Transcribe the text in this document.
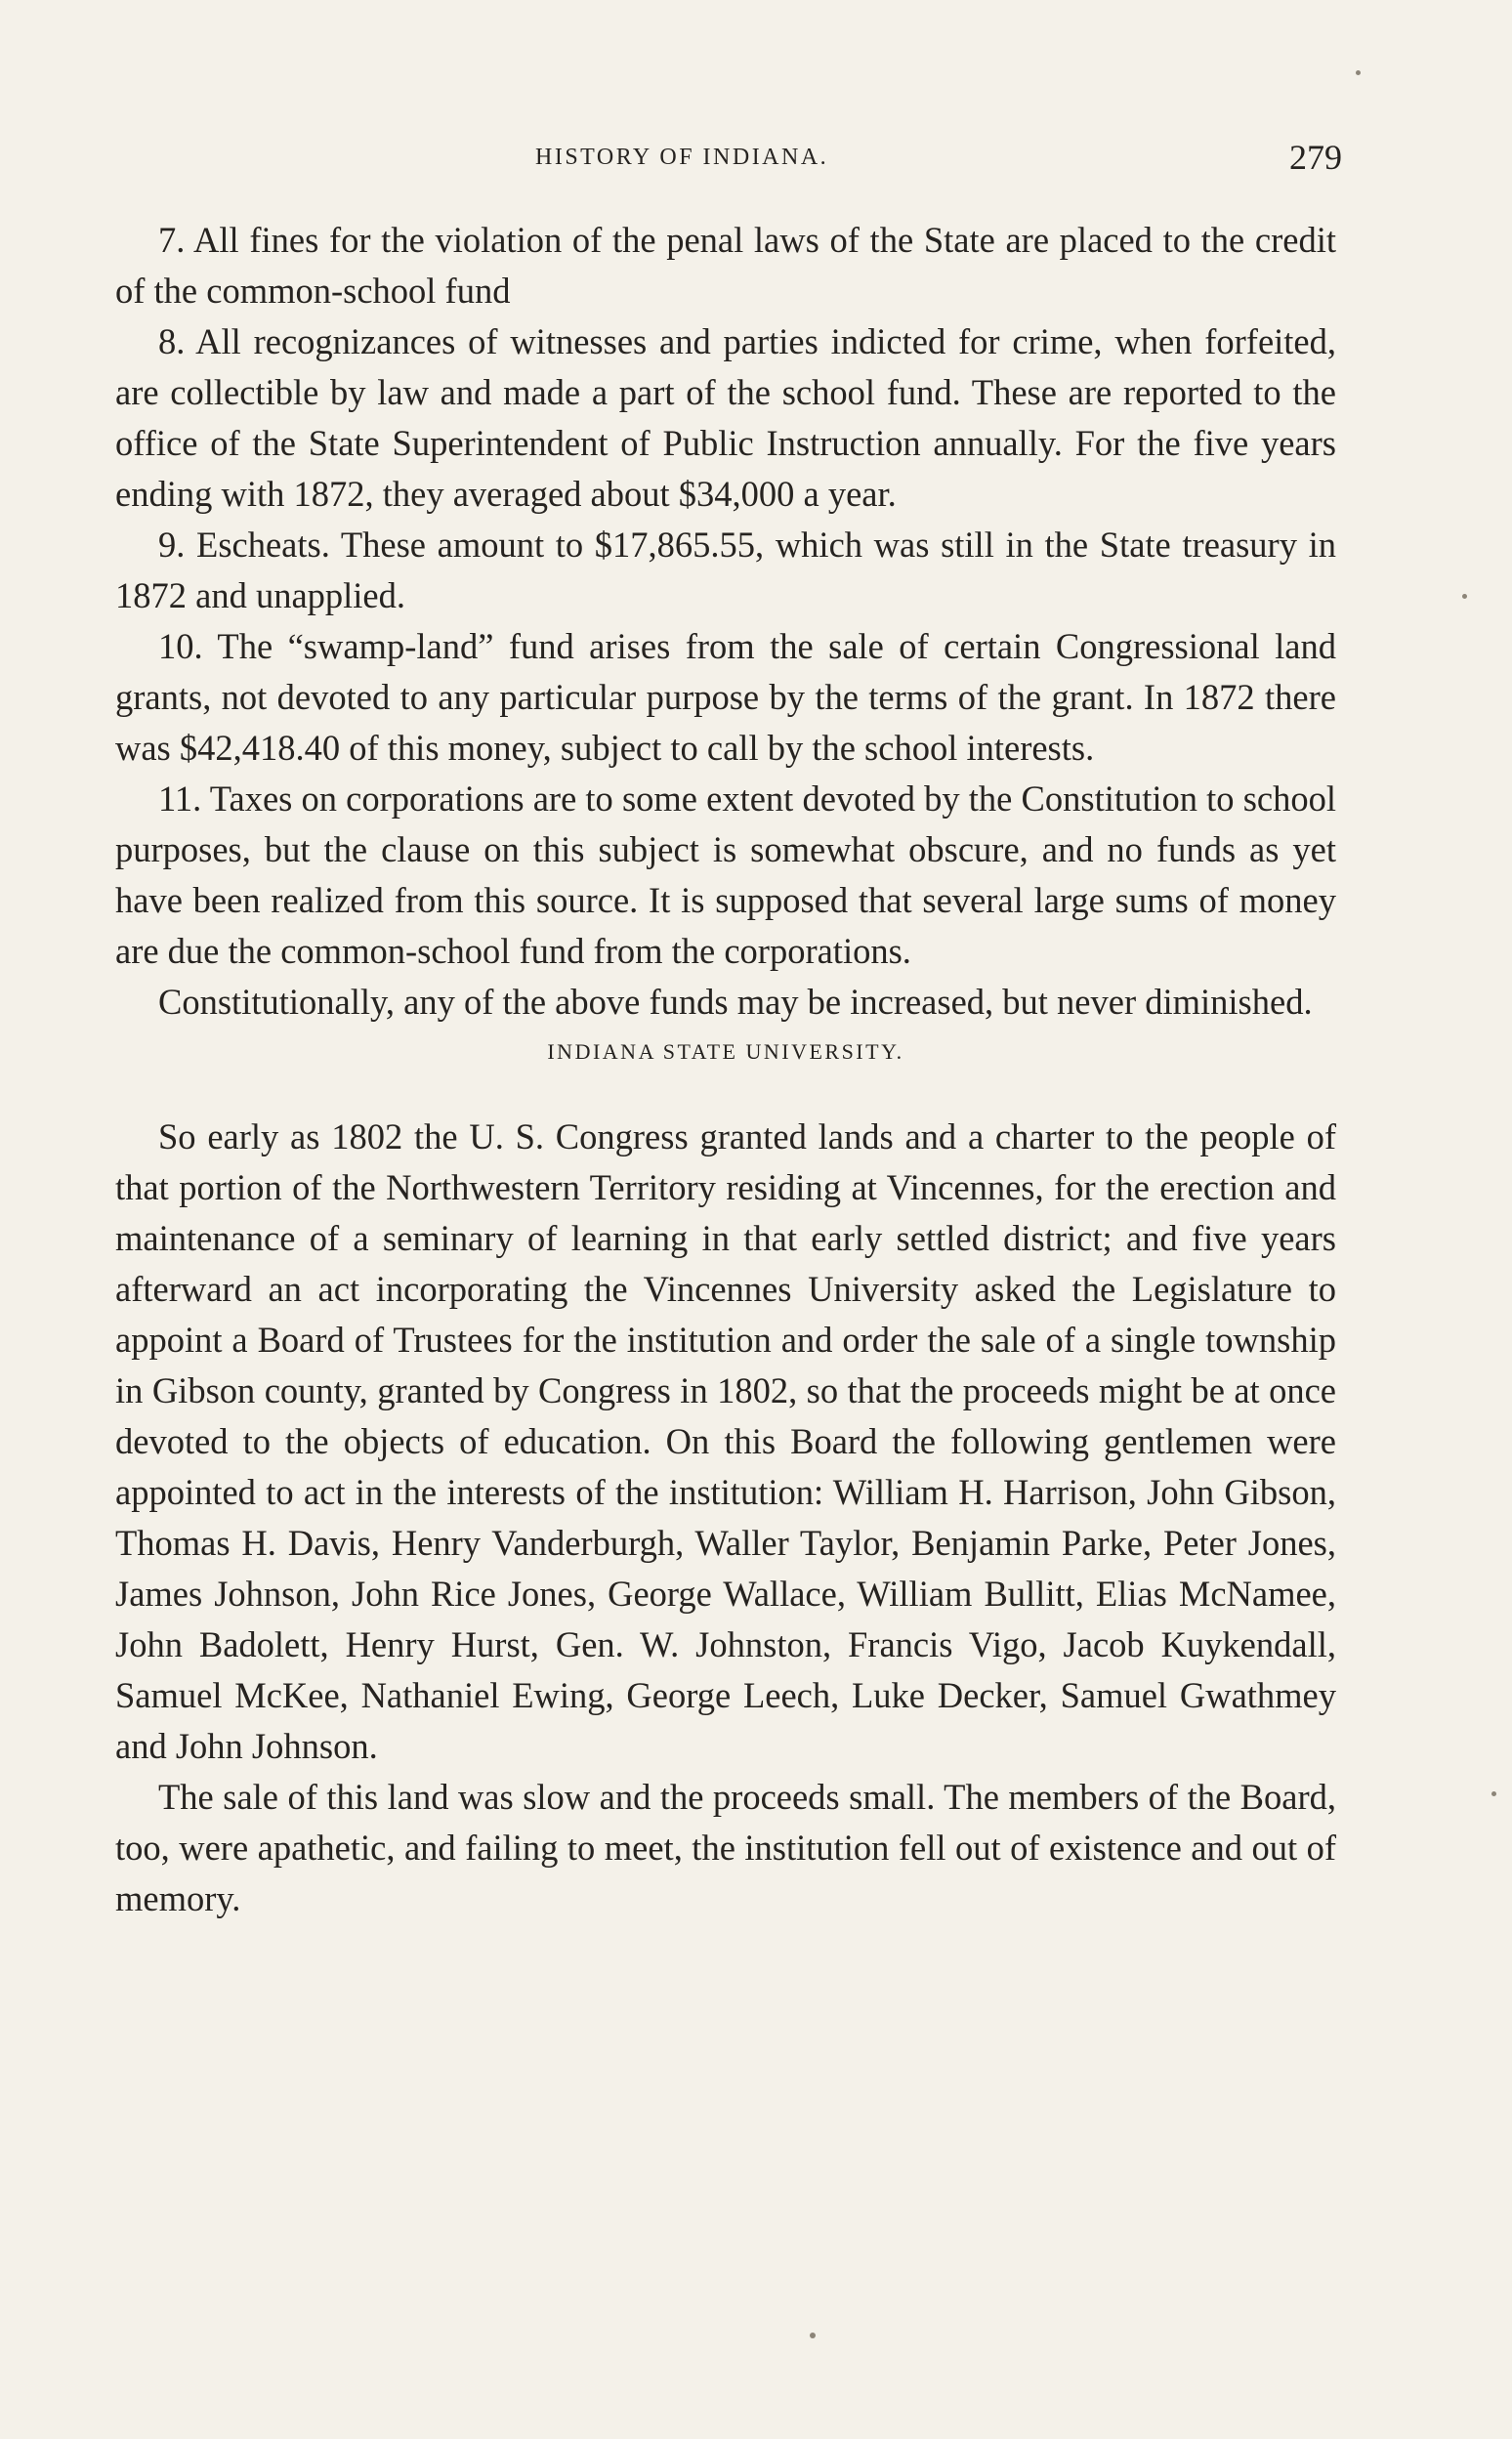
HISTORY OF INDIANA.	279

7. All fines for the violation of the penal laws of the State are placed to the credit of the common-school fund

8. All recognizances of witnesses and parties indicted for crime, when forfeited, are collectible by law and made a part of the school fund. These are reported to the office of the State Superintendent of Public Instruction annually. For the five years ending with 1872, they averaged about $34,000 a year.

9. Escheats. These amount to $17,865.55, which was still in the State treasury in 1872 and unapplied.

10. The “swamp-land” fund arises from the sale of certain Congressional land grants, not devoted to any particular purpose by the terms of the grant. In 1872 there was $42,418.40 of this money, subject to call by the school interests.

11. Taxes on corporations are to some extent devoted by the Constitution to school purposes, but the clause on this subject is somewhat obscure, and no funds as yet have been realized from this source. It is supposed that several large sums of money are due the common-school fund from the corporations.

Constitutionally, any of the above funds may be increased, but never diminished.

INDIANA STATE UNIVERSITY.

So early as 1802 the U. S. Congress granted lands and a charter to the people of that portion of the Northwestern Territory residing at Vincennes, for the erection and maintenance of a seminary of learning in that early settled district; and five years afterward an act incorporating the Vincennes University asked the Legislature to appoint a Board of Trustees for the institution and order the sale of a single township in Gibson county, granted by Congress in 1802, so that the proceeds might be at once devoted to the objects of education. On this Board the following gentlemen were appointed to act in the interests of the institution: William H. Harrison, John Gibson, Thomas H. Davis, Henry Vanderburgh, Waller Taylor, Benjamin Parke, Peter Jones, James Johnson, John Rice Jones, George Wallace, William Bullitt, Elias McNamee, John Badolett, Henry Hurst, Gen. W. Johnston, Francis Vigo, Jacob Kuykendall, Samuel McKee, Nathaniel Ewing, George Leech, Luke Decker, Samuel Gwathmey and John Johnson.

The sale of this land was slow and the proceeds small. The members of the Board, too, were apathetic, and failing to meet, the institution fell out of existence and out of memory.
